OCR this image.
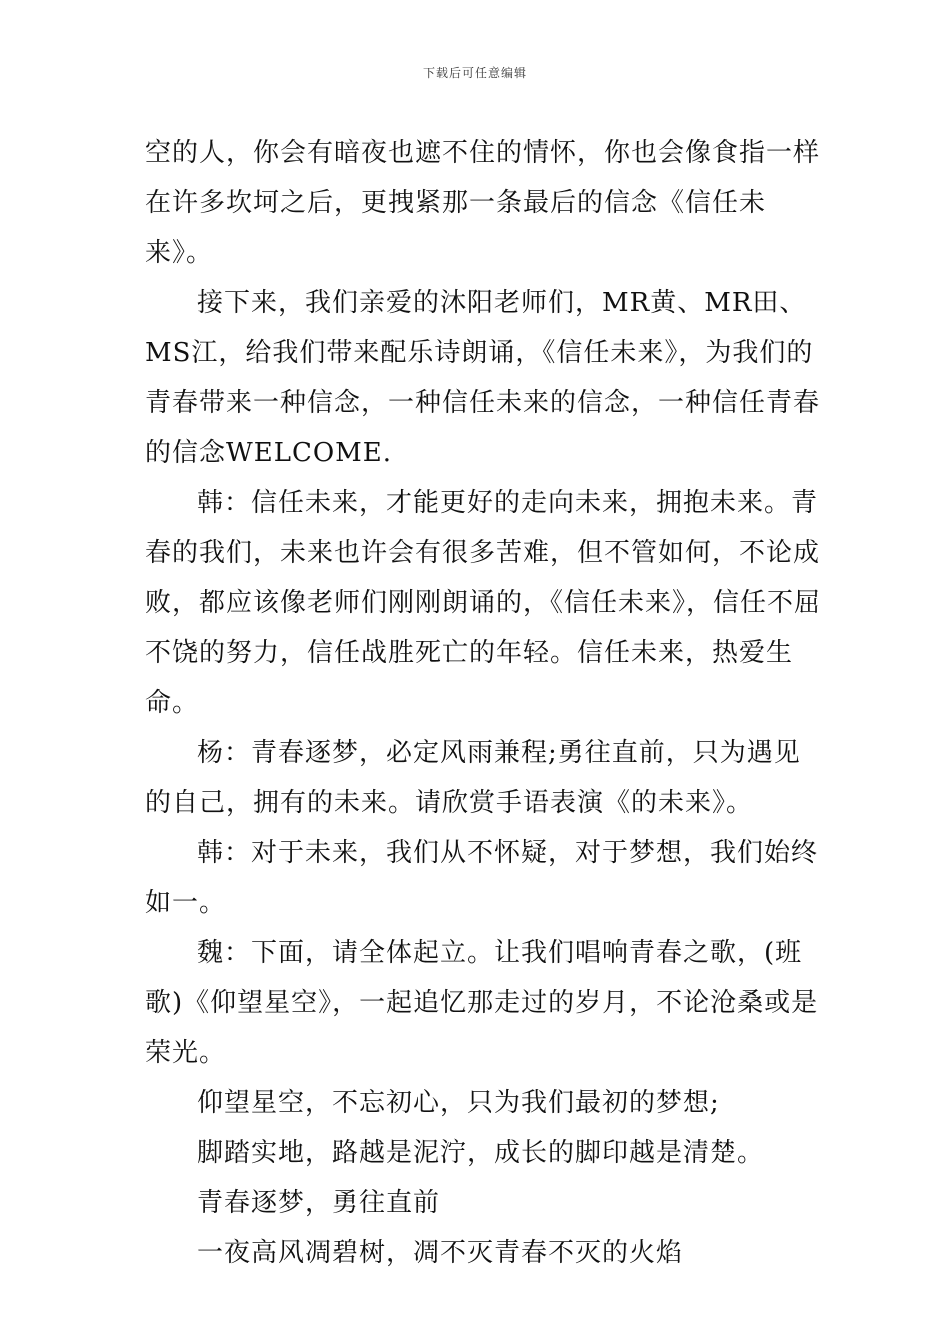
下载后可任意编辑

空的人，你会有暗夜也遮不住的情怀，你也会像食指一样在许多坎坷之后，更拽紧那一条最后的信念《信任未来》。

接下来，我们亲爱的沐阳老师们，MR黄、MR田、MS江，给我们带来配乐诗朗诵，《信任未来》，为我们的青春带来一种信念，一种信任未来的信念，一种信任青春的信念WELCOME.

韩：信任未来，才能更好的走向未来，拥抱未来。青春的我们，未来也许会有很多苦难，但不管如何，不论成败，都应该像老师们刚刚朗诵的，《信任未来》，信任不屈不饶的努力，信任战胜死亡的年轻。信任未来，热爱生命。

杨：青春逐梦，必定风雨兼程;勇往直前，只为遇见的自己，拥有的未来。请欣赏手语表演《的未来》。

韩：对于未来，我们从不怀疑，对于梦想，我们始终如一。

魏：下面，请全体起立。让我们唱响青春之歌，(班歌)《仰望星空》，一起追忆那走过的岁月，不论沧桑或是荣光。

仰望星空，不忘初心，只为我们最初的梦想;
脚踏实地，路越是泥泞，成长的脚印越是清楚。
青春逐梦，勇往直前
一夜高风凋碧树，凋不灭青春不灭的火焰
